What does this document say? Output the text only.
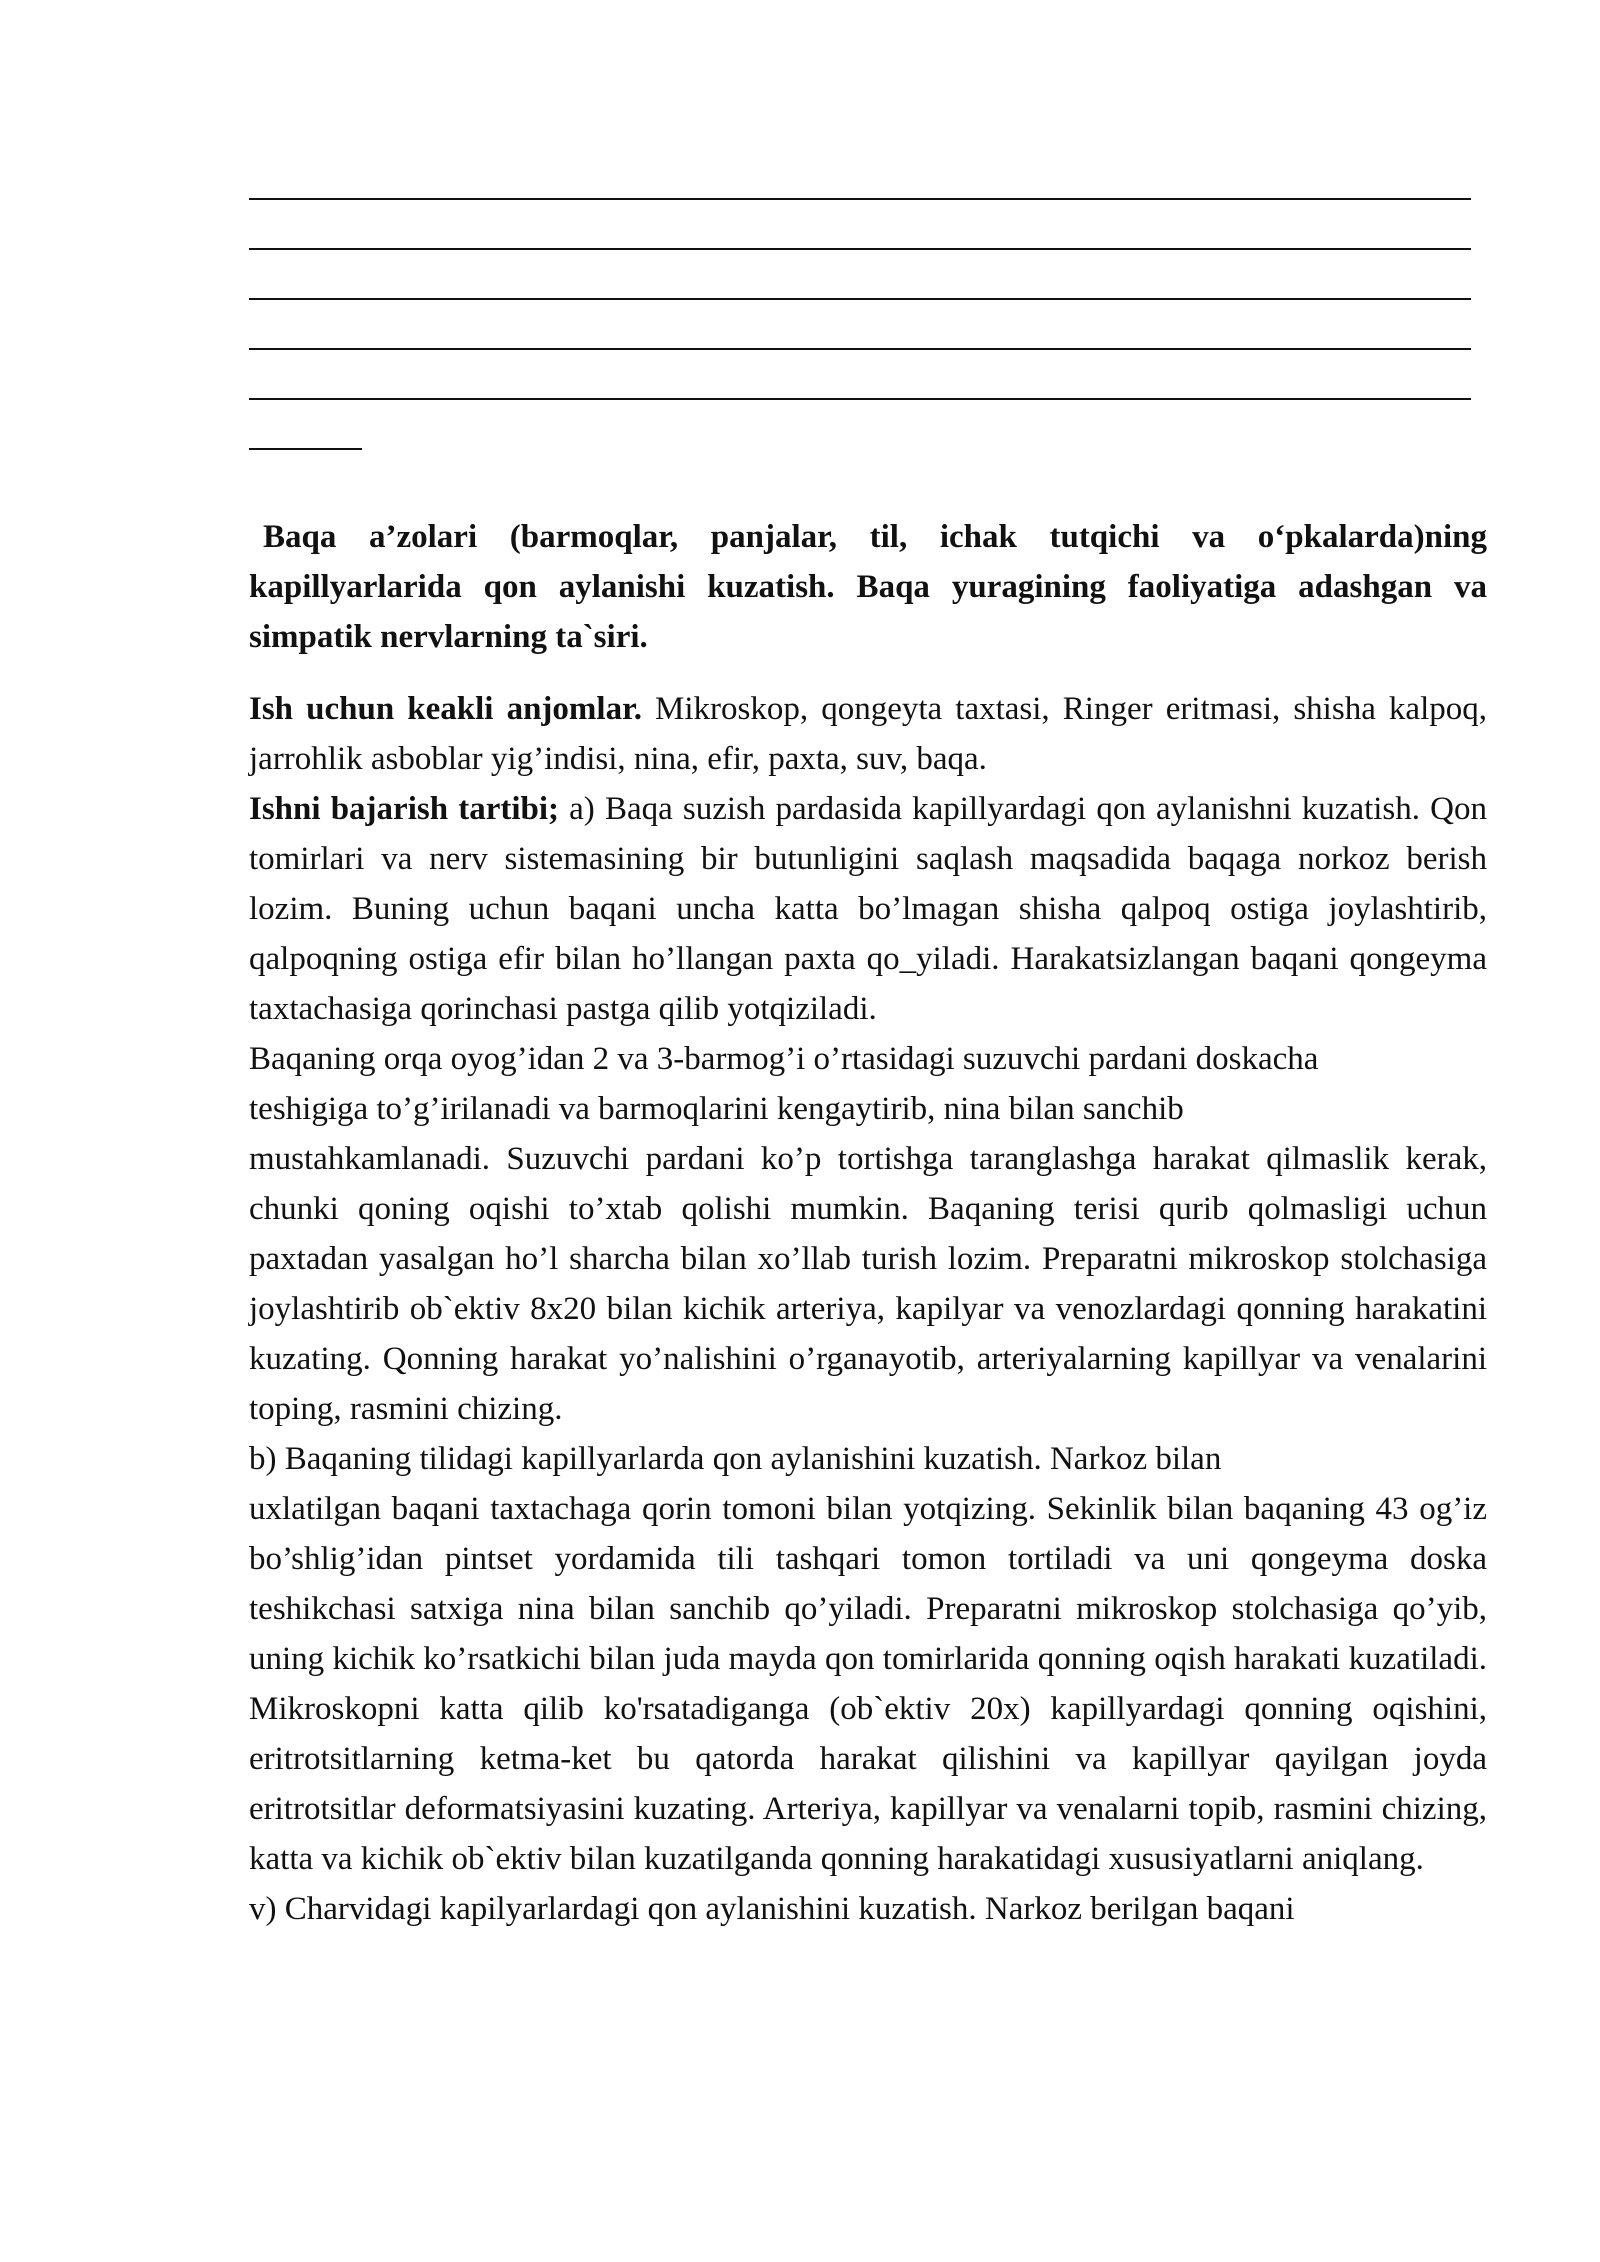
Baqa a’zolari (barmoqlar, panjalar, til, ichak tutqichi va o‘pkalarda)ning kapillyarlarida qon aylanishi kuzatish. Baqa yuragining faoliyatiga adashgan va simpatik nervlarning ta`siri.

Ish uchun keakli anjomlar. Mikroskop, qongeyta taxtasi, Ringer eritmasi, shisha kalpoq, jarrohlik asboblar yig’indisi, nina, efir, paxta, suv, baqa.

Ishni bajarish tartibi; a) Baqa suzish pardasida kapillyardagi qon aylanishni kuzatish. Qon tomirlari va nerv sistemasining bir butunligini saqlash maqsadida baqaga norkoz berish lozim. Buning uchun baqani uncha katta bo’lmagan shisha qalpoq ostiga joylashtirib, qalpoqning ostiga efir bilan ho’llangan paxta qo_yiladi. Harakatsizlangan baqani qongeyma taxtachasiga qorinchasi pastga qilib yotqiziladi.

Baqaning orqa oyog’idan 2 va 3-barmog’i o’rtasidagi suzuvchi pardani doskacha

teshigiga to’g’irilanadi va barmoqlarini kengaytirib, nina bilan sanchib

mustahkamlanadi. Suzuvchi pardani ko’p tortishga taranglashga harakat qilmaslik kerak, chunki qoning oqishi to’xtab qolishi mumkin. Baqaning terisi qurib qolmasligi uchun paxtadan yasalgan ho’l sharcha bilan xo’llab turish lozim. Preparatni mikroskop stolchasiga joylashtirib ob`ektiv 8x20 bilan kichik arteriya, kapilyar va venozlardagi qonning harakatini kuzating. Qonning harakat yo’nalishini o’rganayotib, arteriyalarning kapillyar va venalarini toping, rasmini chizing.

b) Baqaning tilidagi kapillyarlarda qon aylanishini kuzatish. Narkoz bilan

uxlatilgan baqani taxtachaga qorin tomoni bilan yotqizing. Sekinlik bilan baqaning 43 og’iz bo’shlig’idan pintset yordamida tili tashqari tomon tortiladi va uni qongeyma doska teshikchasi satxiga nina bilan sanchib qo’yiladi. Preparatni mikroskop stolchasiga qo’yib, uning kichik ko’rsatkichi bilan juda mayda qon tomirlarida qonning oqish harakati kuzatiladi. Mikroskopni katta qilib ko'rsatadiganga (ob`ektiv 20x) kapillyardagi qonning oqishini, eritrotsitlarning ketma-ket bu qatorda harakat qilishini va kapillyar qayilgan joyda eritrotsitlar deformatsiyasini kuzating. Arteriya, kapillyar va venalarni topib, rasmini chizing, katta va kichik ob`ektiv bilan kuzatilganda qonning harakatidagi xususiyatlarni aniqlang.

v) Charvidagi kapilyarlardagi qon aylanishini kuzatish. Narkoz berilgan baqani
